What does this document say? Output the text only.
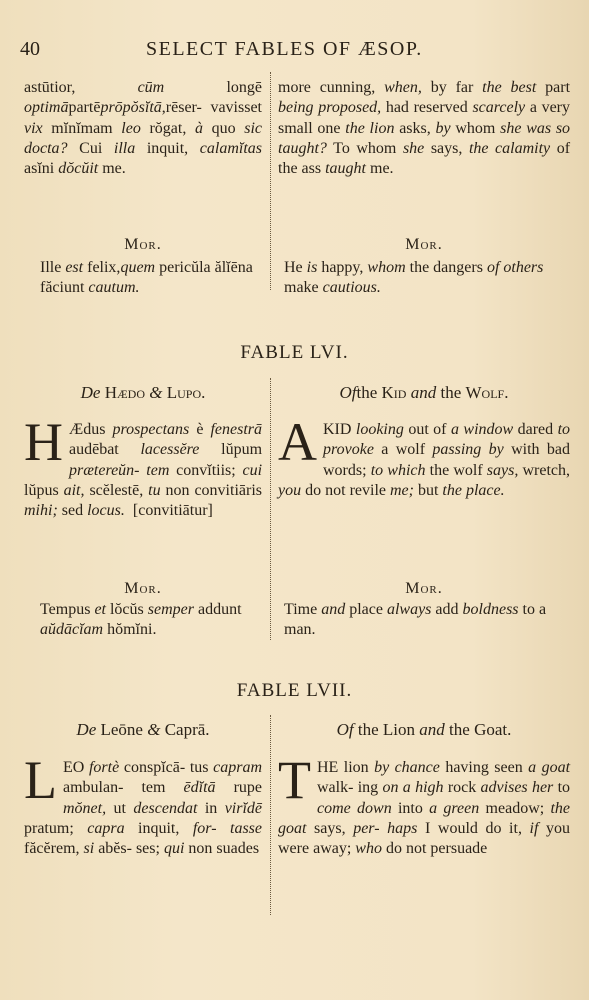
40	SELECT FABLES OF ÆSOP.
astūtior,	cūm	longē optimāpartēprōpŏsĭtā,rēser- vavisset vix mĭnĭmam leo rŏgat, à quo sic docta? Cui illa inquit, calamĭtas asĭni dŏcŭit me.
more cunning, when, by far the best part being proposed, had reserved scarcely a very small one the lion asks, by whom she was so taught? To whom she says, the calamity of the ass taught me.
Mor.	Mor.
Ille est felix,quem pericŭla ălĭēna făciunt cautum.
He is happy, whom the dangers of others make cautious.
FABLE LVI.
De Hædo & Lupo.	Ofthe Kid and the Wolf.
H Ædus prospectans è fenestrā audēbat lacessĕre lŭpum prætereŭn- tem convĭtiis; cui lŭpus ait, scĕlestē, tu non convitiāris mihi; sed locus. [convitiātur]
A KID looking out of a window dared to provoke a wolf passing by with bad words; to which the wolf says, wretch, you do not revile me; but the place.
Mor.	Mor.
Tempus et lŏcŭs semper addunt aŭdācĭam hŏmĭni.
Time and place always add boldness to a man.
FABLE LVII.
De Leōne & Caprā.	Of the Lion and the Goat.
L EO fortè conspĭcā- tus capram ambulan- tem ēdĭtā rupe mŏnet, ut descendat in virĭdē pratum; capra inquit, for- tasse făcĕrem, si abĕs- ses; qui non suades
T HE lion by chance having seen a goat walk- ing on a high rock advises her to come down into a green meadow; the goat says, per- haps I would do it, if you were away; who do not persuade
